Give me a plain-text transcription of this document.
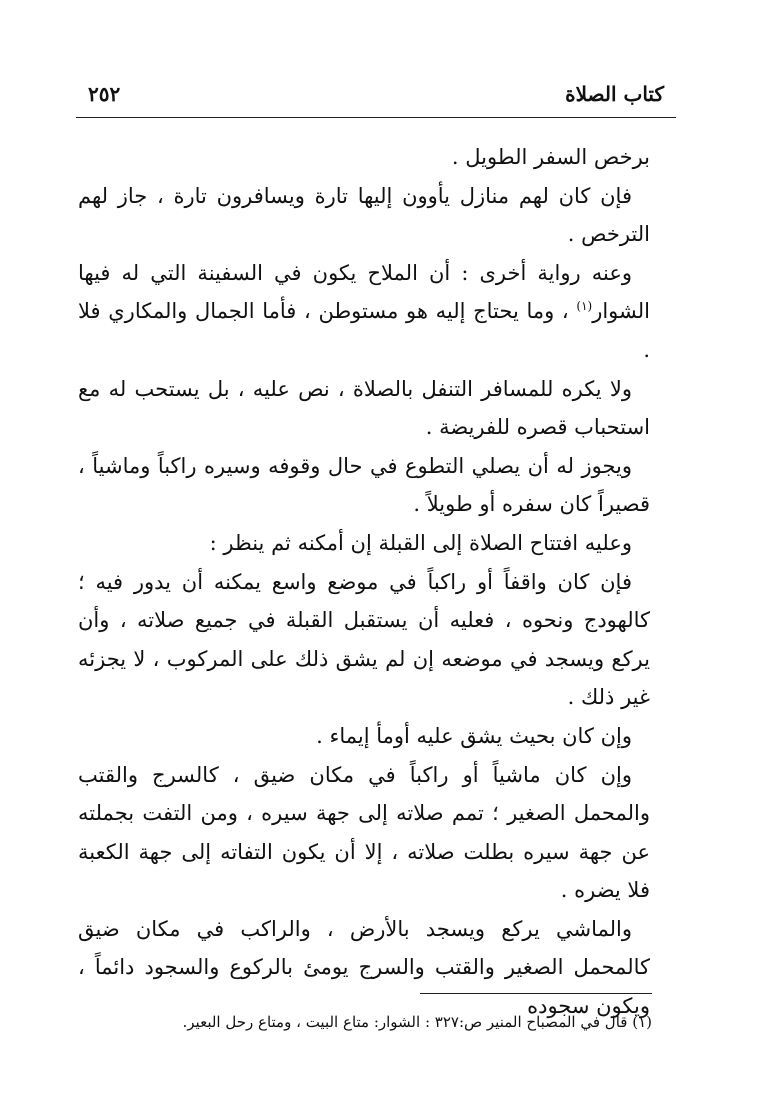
كتاب الصلاة
٢٥٢

برخص السفر الطويل .

فإن كان لهم منازل يأوون إليها تارة ويسافرون تارة ، جاز لهم الترخص .

وعنه رواية أخرى : أن الملاح يكون في السفينة التي له فيها الشوار$^{(١)}$ ، وما يحتاج إليه هو مستوطن ، فأما الجمال والمكاري فلا .

ولا يكره للمسافر التنفل بالصلاة ، نص عليه ، بل يستحب له مع استحباب قصره للفريضة .

ويجوز له أن يصلي التطوع في حال وقوفه وسيره راكباً وماشياً ، قصيراً كان سفره أو طويلاً .

وعليه افتتاح الصلاة إلى القبلة إن أمكنه ثم ينظر :

فإن كان واقفاً أو راكباً في موضع واسع يمكنه أن يدور فيه ؛ كالهودج ونحوه ، فعليه أن يستقبل القبلة في جميع صلاته ، وأن يركع ويسجد في موضعه إن لم يشق ذلك على المركوب ، لا يجزئه غير ذلك .

وإن كان بحيث يشق عليه أومأ إيماء .

وإن كان ماشياً أو راكباً في مكان ضيق ، كالسرج والقتب والمحمل الصغير ؛ تمم صلاته إلى جهة سيره ، ومن التفت بجملته عن جهة سيره بطلت صلاته ، إلا أن يكون التفاته إلى جهة الكعبة فلا يضره .

والماشي يركع ويسجد بالأرض ، والراكب في مكان ضيق كالمحمل الصغير والقتب والسرج يومئ بالركوع والسجود دائماً ، ويكون سجوده

(١) قال في المصباح المنير ص:٣٢٧ : الشوار: متاع البيت ، ومتاع رحل البعير.
